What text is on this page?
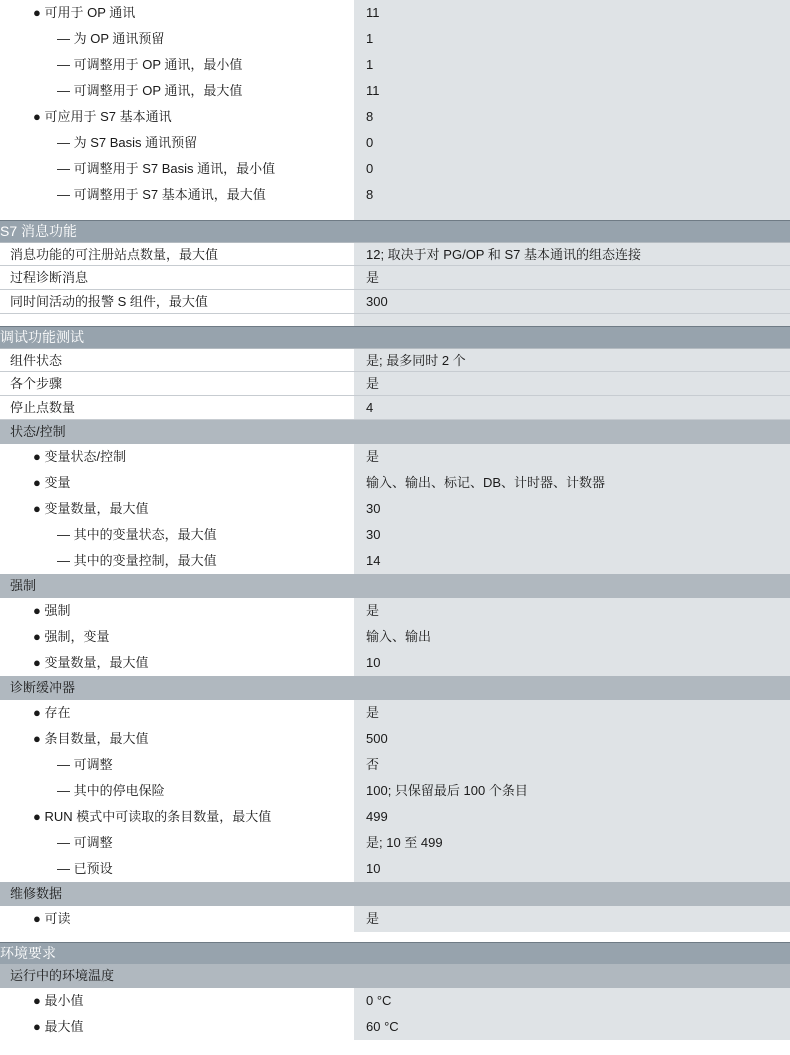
● 可用于 OP 通讯	11
— 为 OP 通讯预留	1
— 可调整用于 OP 通讯，最小值	1
— 可调整用于 OP 通讯，最大值	11
● 可应用于 S7 基本通讯	8
— 为 S7 Basis 通讯预留	0
— 可调整用于 S7 Basis 通讯，最小值	0
— 可调整用于 S7 基本通讯，最大值	8
S7 消息功能
消息功能的可注册站点数量，最大值	12; 取决于对 PG/OP 和 S7 基本通讯的组态连接
过程诊断消息	是
同时间活动的报警 S 组件，最大值	300
调试功能测试
组件状态	是; 最多同时 2 个
各个步骤	是
停止点数量	4
状态/控制
● 变量状态/控制	是
● 变量	输入、输出、标记、DB、计时器、计数器
● 变量数量，最大值	30
— 其中的变量状态，最大值	30
— 其中的变量控制，最大值	14
强制
● 强制	是
● 强制，变量	输入、输出
● 变量数量，最大值	10
诊断缓冲器
● 存在	是
● 条目数量，最大值	500
— 可调整	否
— 其中的停电保险	100; 只保留最后 100 个条目
● RUN 模式中可读取的条目数量，最大值	499
— 可调整	是; 10 至 499
— 已预设	10
维修数据
● 可读	是
环境要求
运行中的环境温度
● 最小值	0 °C
● 最大值	60 °C
